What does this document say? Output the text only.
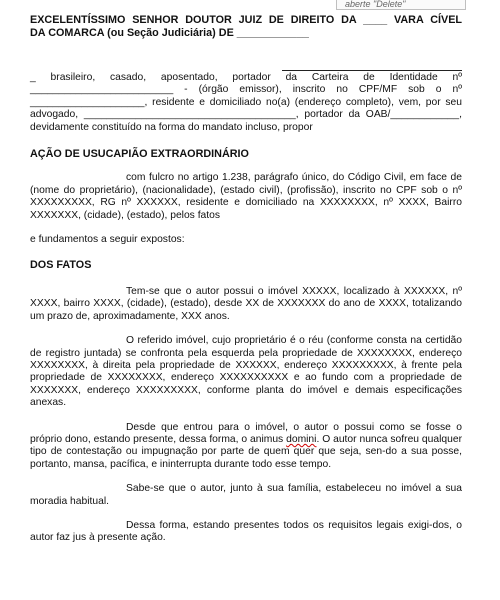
aberte "Delete"

EXCELENTÍSSIMO SENHOR DOUTOR JUIZ DE DIREITO DA ____ VARA CÍVEL

DA COMARCA (ou Seção Judiciária) DE ____________

_ brasileiro, casado, aposentado, portador da Carteira de Identidade nº _________________________ - (órgão emissor), inscrito no CPF/MF sob o nº ____________________, residente e domiciliado no(a) (endereço completo), vem, por seu advogado, _____________________________________, portador da OAB/____________, devidamente constituído na forma do mandato incluso, propor

AÇÃO DE USUCAPIÃO EXTRAORDINÁRIO

com fulcro no artigo 1.238, parágrafo único, do Código Civil, em face de (nome do proprietário), (nacionalidade), (estado civil), (profissão), inscrito no CPF sob o nº XXXXXXXXX, RG nº XXXXXX, residente e domiciliado na XXXXXXXX, nº XXXX, Bairro XXXXXXX, (cidade), (estado), pelos fatos

e fundamentos a seguir expostos:

DOS FATOS

Tem-se que o autor possui o imóvel XXXXX, localizado à XXXXXX, nº XXXX, bairro XXXX, (cidade), (estado), desde XX de XXXXXXX do ano de XXXX, totalizando um prazo de, aproximadamente, XXX anos.

O referido imóvel, cujo proprietário é o réu (conforme consta na certidão de registro juntada) se confronta pela esquerda pela propriedade de XXXXXXXX, endereço XXXXXXXX, à direita pela propriedade de XXXXXX, endereço XXXXXXXXX, à frente pela propriedade de XXXXXXXX, endereço XXXXXXXXXX e ao fundo com a propriedade de XXXXXXX, endereço XXXXXXXXX, conforme planta do imóvel e demais especificações anexas.

Desde que entrou para o imóvel, o autor o possui como se fosse o próprio dono, estando presente, dessa forma, o animus domini. O autor nunca sofreu qualquer tipo de contestação ou impugnação por parte de quem quer que seja, sen-do a sua posse, portanto, mansa, pacífica, e ininterrupta durante todo esse tempo.

Sabe-se que o autor, junto à sua família, estabeleceu no imóvel a sua moradia habitual.

Dessa forma, estando presentes todos os requisitos legais exigi-dos, o autor faz jus à presente ação.
